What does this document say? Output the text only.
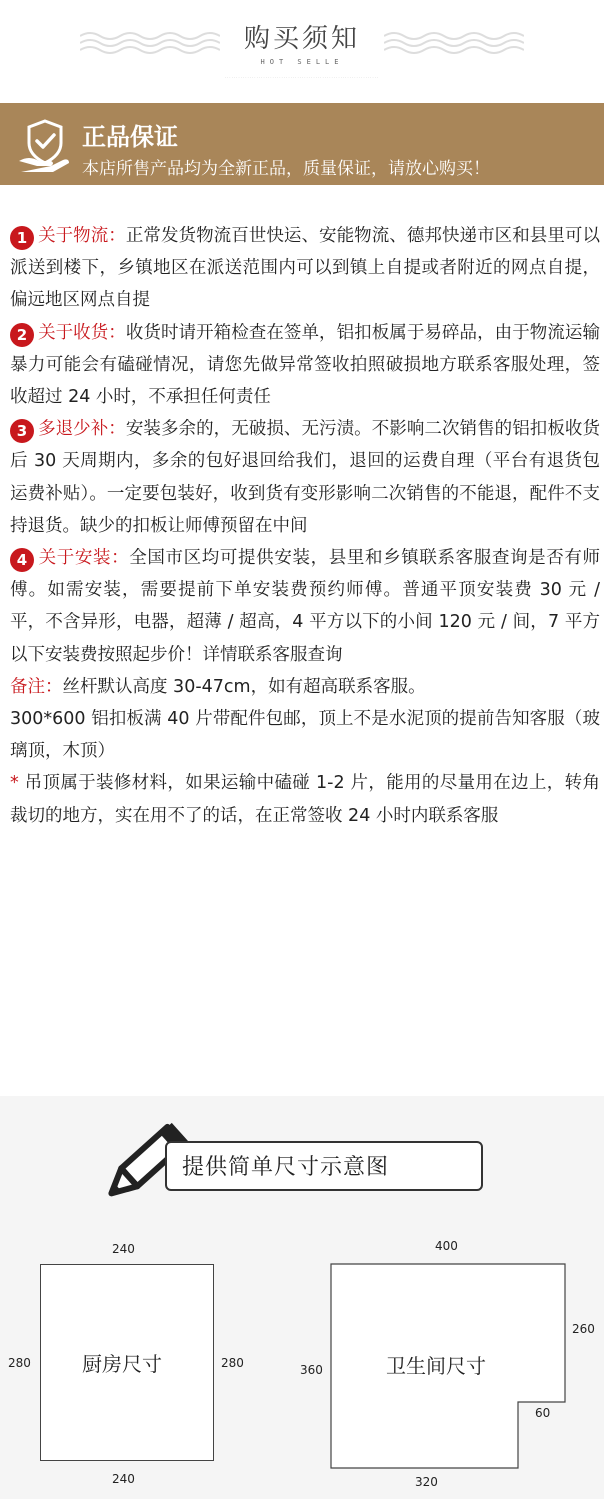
购买须知
HOT SELLE
....................................................................
正品保证
本店所售产品均为全新正品，质量保证，请放心购买！

1 关于物流：正常发货物流百世快运、安能物流、德邦快递市区和县里可以派送到楼下，乡镇地区在派送范围内可以到镇上自提或者附近的网点自提，偏远地区网点自提

2 关于收货：收货时请开箱检查在签单，铝扣板属于易碎品，由于物流运输暴力可能会有磕碰情况，请您先做异常签收拍照破损地方联系客服处理，签收超过 24 小时，不承担任何责任

3 多退少补：安装多余的，无破损、无污渍。不影响二次销售的铝扣板收货后 30 天周期内，多余的包好退回给我们，退回的运费自理（平台有退货包运费补贴）。一定要包装好，收到货有变形影响二次销售的不能退，配件不支持退货。缺少的扣板让师傅预留在中间

4 关于安装：全国市区均可提供安装，县里和乡镇联系客服查询是否有师傅。如需安装，需要提前下单安装费预约师傅。普通平顶安装费 30 元 / 平，不含异形，电器，超薄 / 超高，4 平方以下的小间 120 元 / 间，7 平方以下安装费按照起步价！详情联系客服查询

备注：丝杆默认高度 30-47cm，如有超高联系客服。

300*600 铝扣板满 40 片带配件包邮，顶上不是水泥顶的提前告知客服（玻璃顶，木顶）

* 吊顶属于装修材料，如果运输中磕碰 1-2 片，能用的尽量用在边上，转角裁切的地方，实在用不了的话，在正常签收 24 小时内联系客服

提供简单尺寸示意图
厨房尺寸
240
240
280	280	卫生间尺寸
400
320
360
260
60
